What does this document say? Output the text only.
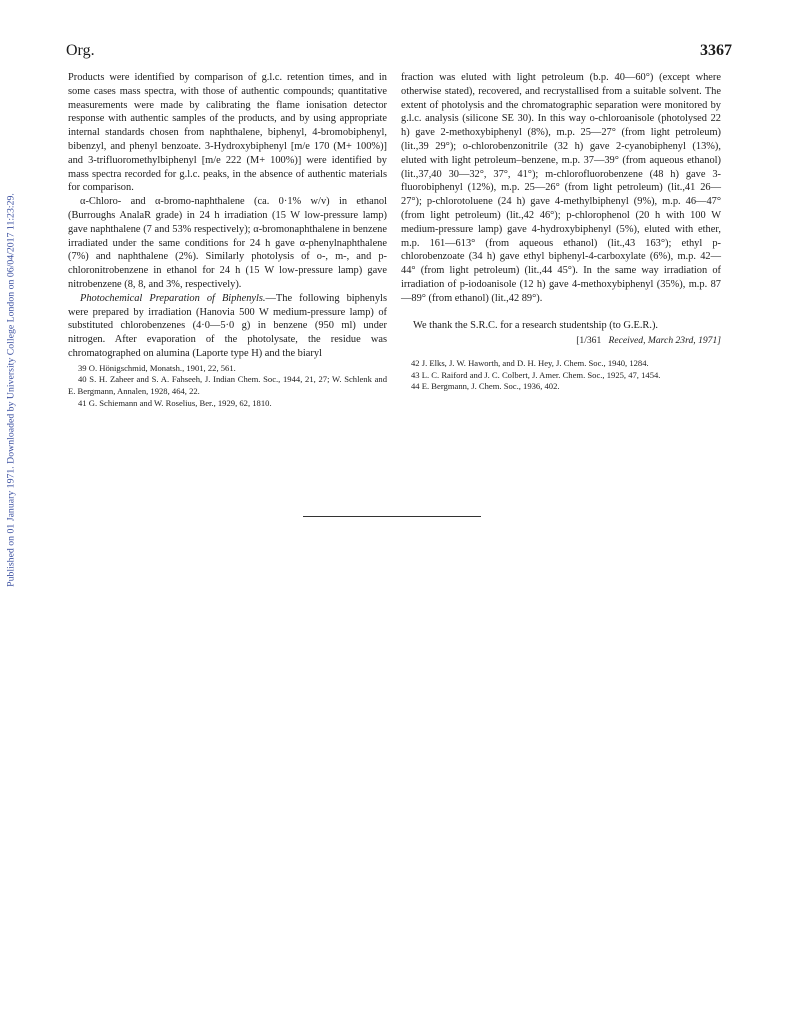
Org.	3367
Published on 01 January 1971. Downloaded by University College London on 06/04/2017 11:23:29.

Products were identified by comparison of g.l.c. retention times, and in some cases mass spectra, with those of authentic compounds; quantitative measurements were made by calibrating the flame ionisation detector response with authentic samples of the products, and by using appropriate internal standards chosen from naphthalene, biphenyl, 4-bromobiphenyl, bibenzyl, and phenyl benzoate. 3-Hydroxybiphenyl [m/e 170 (M+ 100%)] and 3-trifluoromethylbiphenyl [m/e 222 (M+ 100%)] were identified by mass spectra recorded for g.l.c. peaks, in the absence of authentic materials for comparison.

α-Chloro- and α-bromo-naphthalene (ca. 0·1% w/v) in ethanol (Burroughs AnalaR grade) in 24 h irradiation (15 W low-pressure lamp) gave naphthalene (7 and 53% respectively); α-bromonaphthalene in benzene irradiated under the same conditions for 24 h gave α-phenylnaphthalene (7%) and naphthalene (2%). Similarly photolysis of o-, m-, and p-chloronitrobenzene in ethanol for 24 h (15 W low-pressure lamp) gave nitrobenzene (8, 8, and 3%, respectively).

Photochemical Preparation of Biphenyls.—The following biphenyls were prepared by irradiation (Hanovia 500 W medium-pressure lamp) of substituted chlorobenzenes (4·0—5·0 g) in benzene (950 ml) under nitrogen. After evaporation of the photolysate, the residue was chromatographed on alumina (Laporte type H) and the biaryl

39 O. Hönigschmid, Monatsh., 1901, 22, 561.

40 S. H. Zaheer and S. A. Fahseeh, J. Indian Chem. Soc., 1944, 21, 27; W. Schlenk and E. Bergmann, Annalen, 1928, 464, 22.

41 G. Schiemann and W. Roselius, Ber., 1929, 62, 1810.

fraction was eluted with light petroleum (b.p. 40—60°) (except where otherwise stated), recovered, and recrystallised from a suitable solvent. The extent of photolysis and the chromatographic separation were monitored by g.l.c. analysis (silicone SE 30). In this way o-chloroanisole (photolysed 22 h) gave 2-methoxybiphenyl (8%), m.p. 25—27° (from light petroleum) (lit.,39 29°); o-chlorobenzonitrile (32 h) gave 2-cyanobiphenyl (13%), eluted with light petroleum–benzene, m.p. 37—39° (from aqueous ethanol) (lit.,37,40 30—32°, 37°, 41°); m-chlorofluorobenzene (48 h) gave 3-fluorobiphenyl (12%), m.p. 25—26° (from light petroleum) (lit.,41 26—27°); p-chlorotoluene (24 h) gave 4-methylbiphenyl (9%), m.p. 46—47° (from light petroleum) (lit.,42 46°); p-chlorophenol (20 h with 100 W medium-pressure lamp) gave 4-hydroxybiphenyl (5%), eluted with ether, m.p. 161—613° (from aqueous ethanol) (lit.,43 163°); ethyl p-chlorobenzoate (34 h) gave ethyl biphenyl-4-carboxylate (6%), m.p. 42—44° (from light petroleum) (lit.,44 45°). In the same way irradiation of irradiation of p-iodoanisole (12 h) gave 4-methoxybiphenyl (35%), m.p. 87—89° (from ethanol) (lit.,42 89°).

We thank the S.R.C. for a research studentship (to G.E.R.).

[1/361 Received, March 23rd, 1971]

42 J. Elks, J. W. Haworth, and D. H. Hey, J. Chem. Soc., 1940, 1284.

43 L. C. Raiford and J. C. Colbert, J. Amer. Chem. Soc., 1925, 47, 1454.

44 E. Bergmann, J. Chem. Soc., 1936, 402.
